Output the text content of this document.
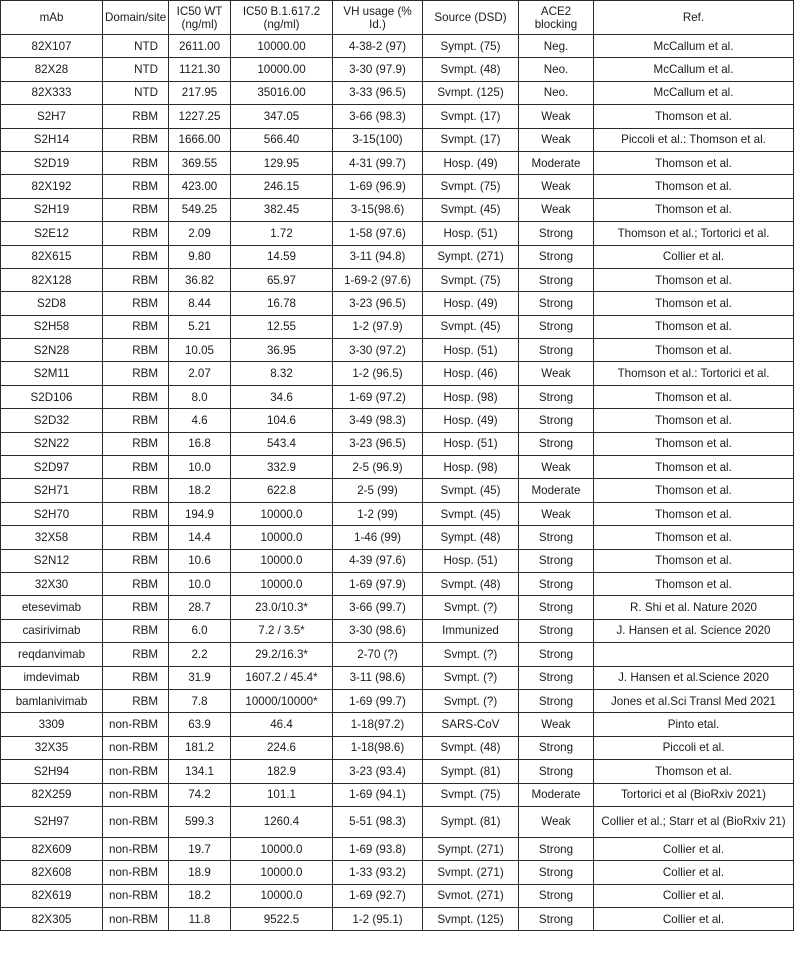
mAb	Domain/site	IC50 WT (ng/ml)	IC50 B.1.617.2 (ng/ml)	VH usage (% Id.)	Source (DSD)	ACE2 blocking	Ref.
82X107	NTD	2611.00	10000.00	4-38-2 (97)	Sympt. (75)	Neg.	McCallum et al.
82X28	NTD	1121.30	10000.00	3-30 (97.9)	Svmpt. (48)	Neo.	McCallum et al.
82X333	NTD	217.95	35016.00	3-33 (96.5)	Svmpt. (125)	Neo.	McCallum et al.
S2H7	RBM	1227.25	347.05	3-66 (98.3)	Svmpt. (17)	Weak	Thomson et al.
S2H14	RBM	1666.00	566.40	3-15(100)	Svmpt. (17)	Weak	Piccoli et al.: Thomson et al.
S2D19	RBM	369.55	129.95	4-31 (99.7)	Hosp. (49)	Moderate	Thomson et al.
82X192	RBM	423.00	246.15	1-69 (96.9)	Svmpt. (75)	Weak	Thomson et al.
S2H19	RBM	549.25	382.45	3-15(98.6)	Svmpt. (45)	Weak	Thomson et al.
S2E12	RBM	2.09	1.72	1-58 (97.6)	Hosp. (51)	Strong	Thomson et al.; Tortorici et al.
82X615	RBM	9.80	14.59	3-11 (94.8)	Sympt. (271)	Strong	Collier et al.
82X128	RBM	36.82	65.97	1-69-2 (97.6)	Svmpt. (75)	Strong	Thomson et al.
S2D8	RBM	8.44	16.78	3-23 (96.5)	Hosp. (49)	Strong	Thomson et al.
S2H58	RBM	5.21	12.55	1-2 (97.9)	Svmpt. (45)	Strong	Thomson et al.
S2N28	RBM	10.05	36.95	3-30 (97.2)	Hosp. (51)	Strong	Thomson et al.
S2M11	RBM	2.07	8.32	1-2 (96.5)	Hosp. (46)	Weak	Thomson et al.: Tortorici et al.
S2D106	RBM	8.0	34.6	1-69 (97.2)	Hosp. (98)	Strong	Thomson et al.
S2D32	RBM	4.6	104.6	3-49 (98.3)	Hosp. (49)	Strong	Thomson et al.
S2N22	RBM	16.8	543.4	3-23 (96.5)	Hosp. (51)	Strong	Thomson et al.
S2D97	RBM	10.0	332.9	2-5 (96.9)	Hosp. (98)	Weak	Thomson et al.
S2H71	RBM	18.2	622.8	2-5 (99)	Svmpt. (45)	Moderate	Thomson et al.
S2H70	RBM	194.9	10000.0	1-2 (99)	Svmpt. (45)	Weak	Thomson et al.
32X58	RBM	14.4	10000.0	1-46 (99)	Sympt. (48)	Strong	Thomson et al.
S2N12	RBM	10.6	10000.0	4-39 (97.6)	Hosp. (51)	Strong	Thomson et al.
32X30	RBM	10.0	10000.0	1-69 (97.9)	Svmpt. (48)	Strong	Thomson et al.
etesevimab	RBM	28.7	23.0/10.3*	3-66 (99.7)	Svmpt. (?)	Strong	R. Shi et al. Nature 2020
casirivimab	RBM	6.0	7.2 / 3.5*	3-30 (98.6)	Immunized	Strong	J. Hansen et al. Science 2020
reqdanvimab	RBM	2.2	29.2/16.3*	2-70 (?)	Svmpt. (?)	Strong	
imdevimab	RBM	31.9	1607.2 / 45.4*	3-11 (98.6)	Svmpt. (?)	Strong	J. Hansen et al.Science 2020
bamlanivimab	RBM	7.8	10000/10000*	1-69 (99.7)	Svmpt. (?)	Strong	Jones et al.Sci Transl Med 2021
3309	non-RBM	63.9	46.4	1-18(97.2)	SARS-CoV	Weak	Pinto etal.
32X35	non-RBM	181.2	224.6	1-18(98.6)	Svmpt. (48)	Strong	Piccoli et al.
S2H94	non-RBM	134.1	182.9	3-23 (93.4)	Sympt. (81)	Strong	Thomson et al.
82X259	non-RBM	74.2	101.1	1-69 (94.1)	Svmpt. (75)	Moderate	Tortorici et al (BioRxiv 2021)
S2H97	non-RBM	599.3	1260.4	5-51 (98.3)	Sympt. (81)	Weak	Collier et al.; Starr et al (BioRxiv 21)
82X609	non-RBM	19.7	10000.0	1-69 (93.8)	Sympt. (271)	Strong	Collier et al.
82X608	non-RBM	18.9	10000.0	1-33 (93.2)	Svmpt. (271)	Strong	Collier et al.
82X619	non-RBM	18.2	10000.0	1-69 (92.7)	Svmot. (271)	Strong	Collier et al.
82X305	non-RBM	11.8	9522.5	1-2 (95.1)	Svmpt. (125)	Strong	Collier et al.
